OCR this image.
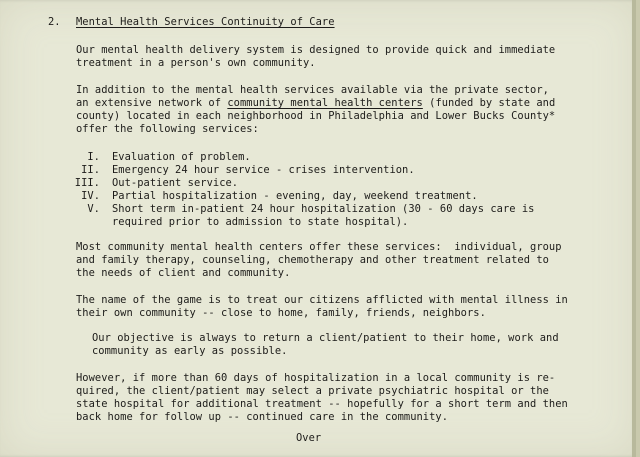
2. Mental Health Services Continuity of Care
Our mental health delivery system is designed to provide quick and immediate
treatment in a person's own community.
In addition to the mental health services available via the private sector,
an extensive network of community mental health centers (funded by state and
county) located in each neighborhood in Philadelphia and Lower Bucks County*
offer the following services:
I. Evaluation of problem.
II. Emergency 24 hour service - crises intervention.
III. Out-patient service.
IV. Partial hospitalization - evening, day, weekend treatment.
V. Short term in-patient 24 hour hospitalization (30 - 60 days care is
required prior to admission to state hospital).
Most community mental health centers offer these services:  individual, group
and family therapy, counseling, chemotherapy and other treatment related to
the needs of client and community.
The name of the game is to treat our citizens afflicted with mental illness in
their own community -- close to home, family, friends, neighbors.
Our objective is always to return a client/patient to their home, work and
community as early as possible.
However, if more than 60 days of hospitalization in a local community is re-
quired, the client/patient may select a private psychiatric hospital or the
state hospital for additional treatment -- hopefully for a short term and then
back home for follow up -- continued care in the community.
Over
